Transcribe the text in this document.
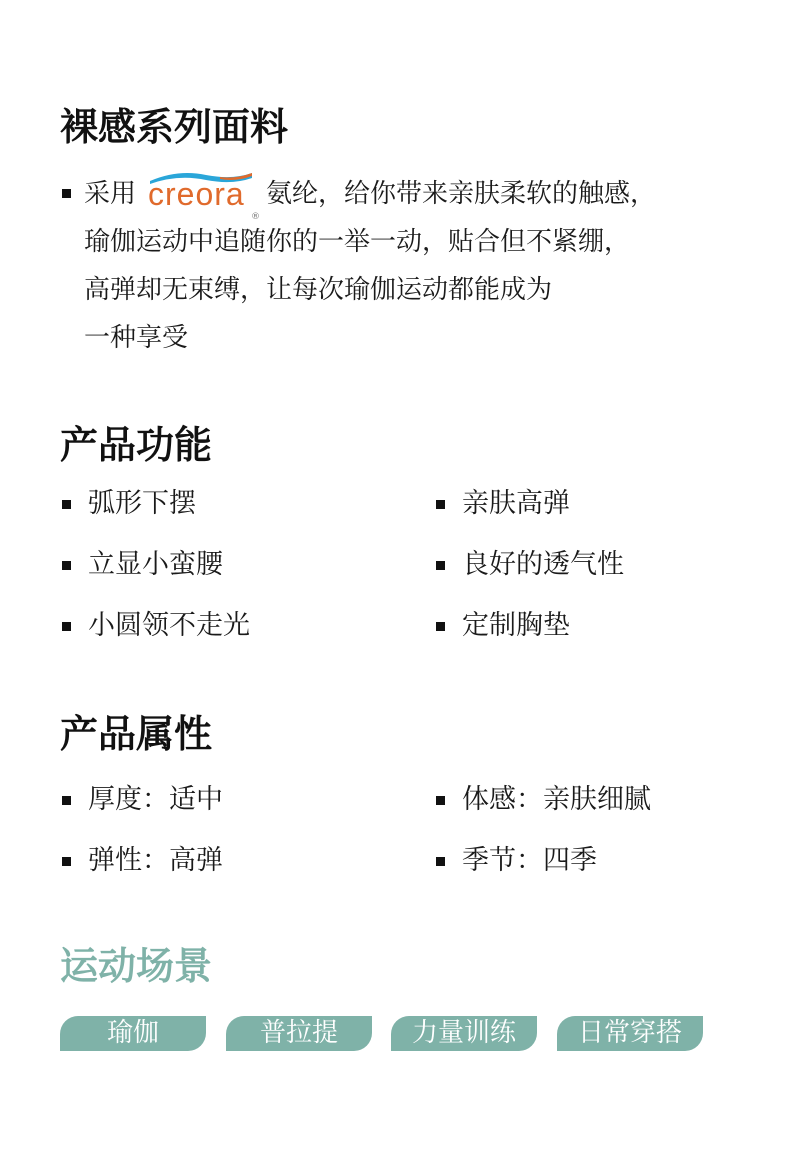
裸感系列面料
采用 creora
®
氨纶，给你带来亲肤柔软的触感，
瑜伽运动中追随你的一举一动，贴合但不紧绷，
高弹却无束缚，让每次瑜伽运动都能成为
一种享受
产品功能
弧形下摆	亲肤高弹
立显小蛮腰	良好的透气性
小圆领不走光	定制胸垫
产品属性
厚度：适中	体感：亲肤细腻
弹性：高弹	季节：四季
运动场景
瑜伽	普拉提	力量训练	日常穿搭
